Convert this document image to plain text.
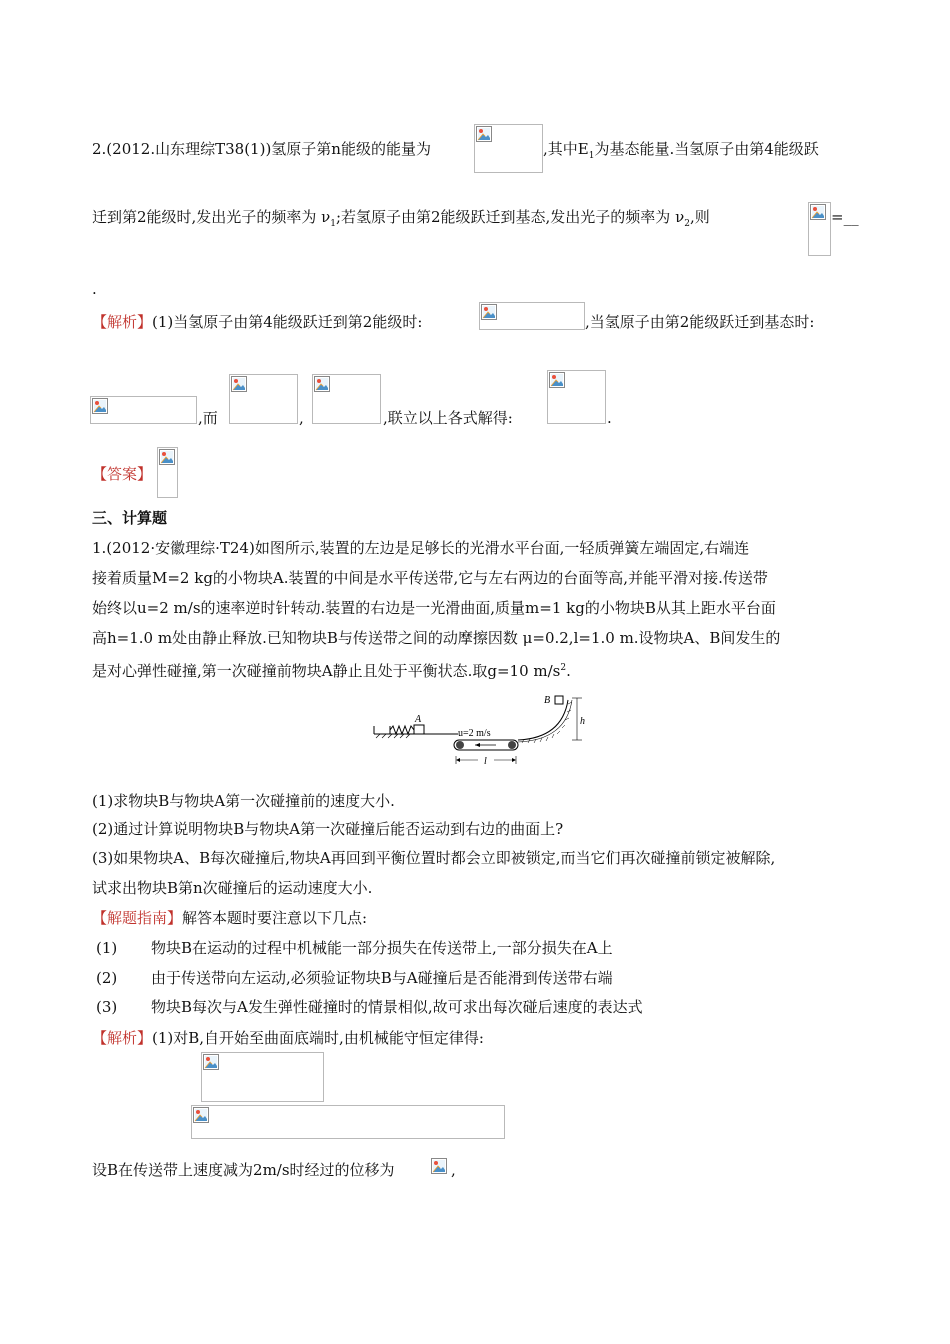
2.(2012.山东理综T38(1))氢原子第n能级的能量为	,其中$E_1$为基态能量.当氢原子由第4能级跃
迁到第2能级时,发出光子的频率为 $\nu_1$;若氢原子由第2能级跃迁到基态,发出光子的频率为 $\nu_2$,则	=__
.
【解析】(1)当氢原子由第4能级跃迁到第2能级时:	,当氢原子由第2能级跃迁到基态时:
,而	,	,联立以上各式解得:	.
【答案】
三、计算题
1.(2012·安徽理综·T24)如图所示,装置的左边是足够长的光滑水平台面,一轻质弹簧左端固定,右端连
接着质量M=2 kg的小物块A.装置的中间是水平传送带,它与左右两边的台面等高,并能平滑对接.传送带
始终以u=2 m/s的速率逆时针转动.装置的右边是一光滑曲面,质量m=1 kg的小物块B从其上距水平台面
高h=1.0 m处由静止释放.已知物块B与传送带之间的动摩擦因数 μ=0.2,l=1.0 m.设物块A、B间发生的
是对心弹性碰撞,第一次碰撞前物块A静止且处于平衡状态.取g=10 $m/s^2$.
A
u=2 m/s
l
B
h
(1)求物块B与物块A第一次碰撞前的速度大小.
(2)通过计算说明物块B与物块A第一次碰撞后能否运动到右边的曲面上?
(3)如果物块A、B每次碰撞后,物块A再回到平衡位置时都会立即被锁定,而当它们再次碰撞前锁定被解除,
试求出物块B第n次碰撞后的运动速度大小.
【解题指南】解答本题时要注意以下几点:
(1) 物块B在运动的过程中机械能一部分损失在传送带上,一部分损失在A上
(2) 由于传送带向左运动,必须验证物块B与A碰撞后是否能滑到传送带右端
(3) 物块B每次与A发生弹性碰撞时的情景相似,故可求出每次碰后速度的表达式
【解析】(1)对B,自开始至曲面底端时,由机械能守恒定律得:
设B在传送带上速度减为2m/s时经过的位移为	,
